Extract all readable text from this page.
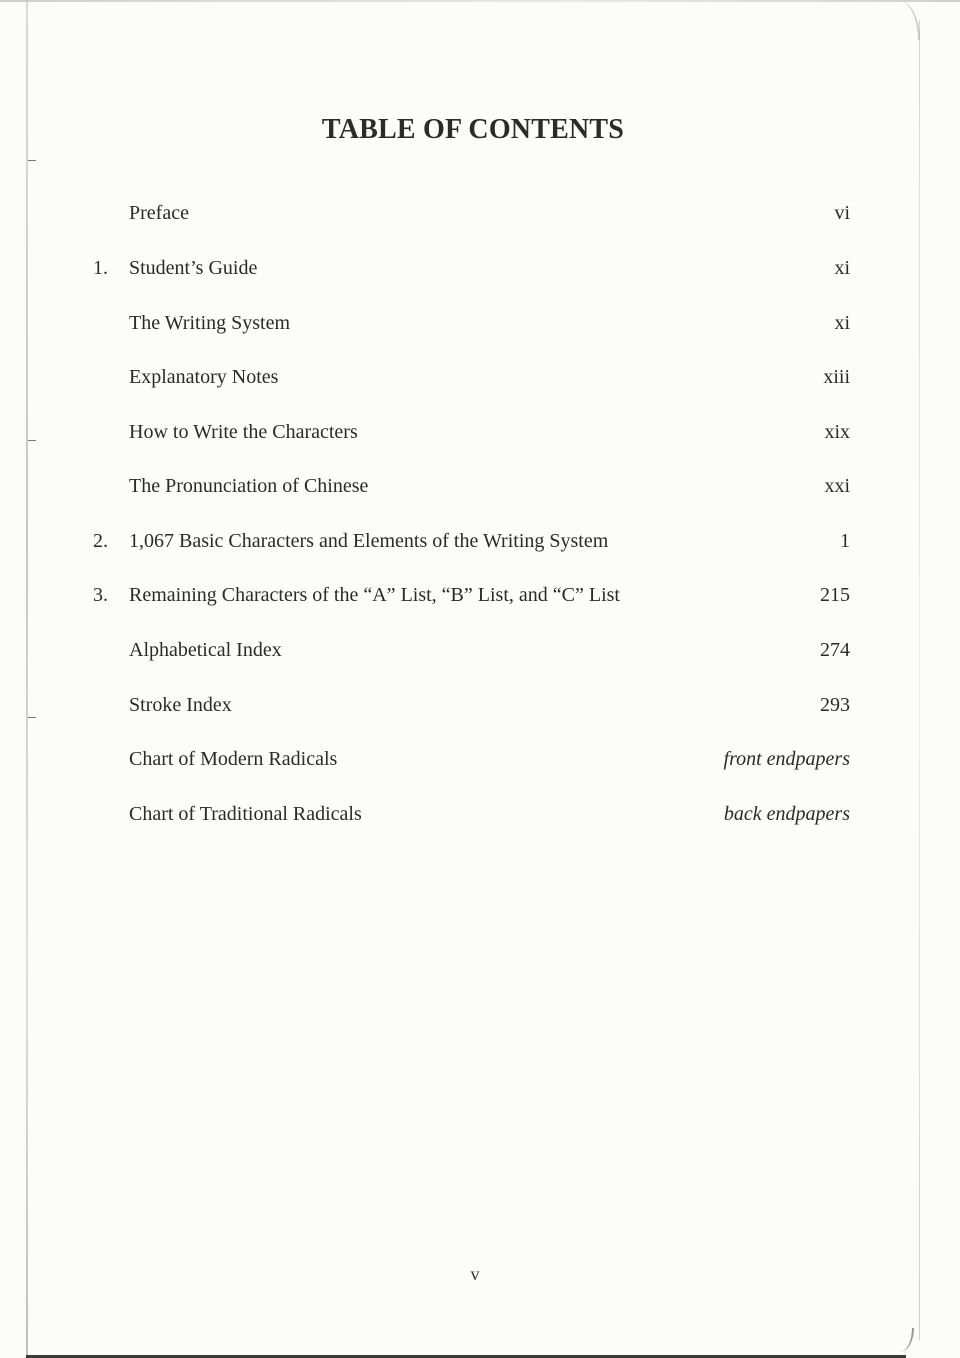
TABLE OF CONTENTS
Preface	vi
1.	Student’s Guide	xi
The Writing System	xi
Explanatory Notes	xiii
How to Write the Characters	xix
The Pronunciation of Chinese	xxi
2.	1,067 Basic Characters and Elements of the Writing System	1
3.	Remaining Characters of the “A” List, “B” List, and “C” List	215
Alphabetical Index	274
Stroke Index	293
Chart of Modern Radicals	front endpapers
Chart of Traditional Radicals	back endpapers
v
